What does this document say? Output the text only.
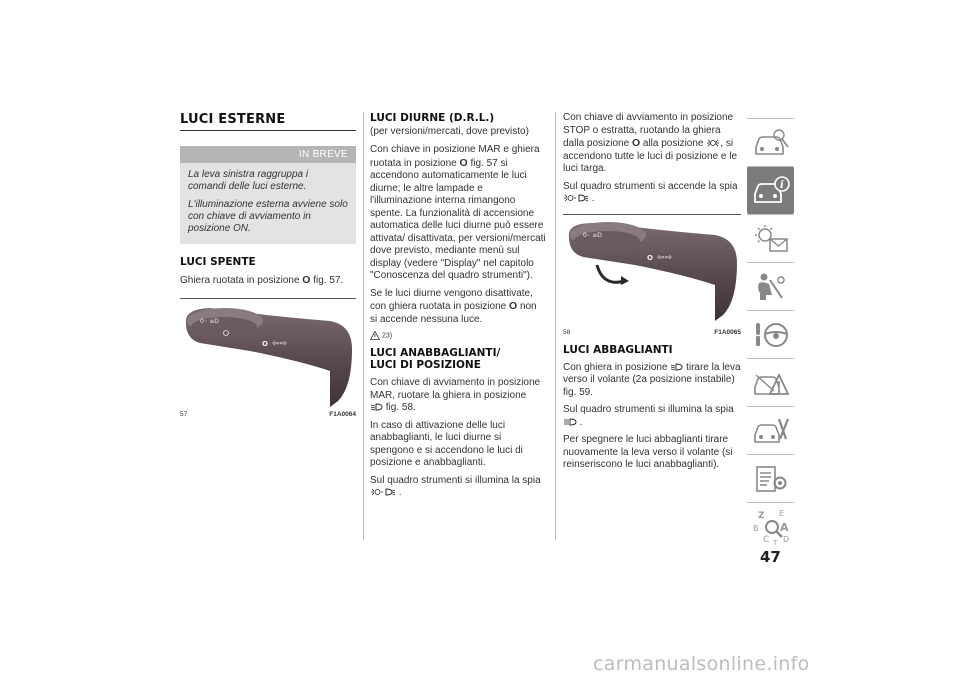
LUCI ESTERNE
IN BREVE

La leva sinistra raggruppa i comandi delle luci esterne.

L'illuminazione esterna avviene solo con chiave di avviamento in posizione ON.

LUCI SPENTE

Ghiera ruotata in posizione O fig. 57.

0◦ ≡D
O ⇦⇨
57	F1A0064
LUCI DIURNE (D.R.L.)
(per versioni/mercati, dove previsto)

Con chiave in posizione MAR e ghiera ruotata in posizione O fig. 57 si accendono automaticamente le luci diurne; le altre lampade e l'illuminazione interna rimangono spente. La funzionalità di accensione automatica delle luci diurne può essere attivata/ disattivata, per versioni/mercati dove previsto, mediante menù sul display (vedere "Display" nel capitolo "Conoscenza del quadro strumenti").

Se le luci diurne vengono disattivate, con ghiera ruotata in posizione O non si accende nessuna luce.

23)
LUCI ANABBAGLIANTI/
LUCI DI POSIZIONE

Con chiave di avviamento in posizione MAR, ruotare la ghiera in posizione
fig. 58.

In caso di attivazione delle luci anabbaglianti, le luci diurne si spengono e si accendono le luci di posizione e anabbaglianti.

Sul quadro strumenti si illumina la spia
.

Con chiave di avviamento in posizione STOP o estratta, ruotando la ghiera dalla posizione O alla posizione , si accendono tutte le luci di posizione e le luci targa.

Sul quadro strumenti si accende la spia
.

0◦ ≡D
O ⇦⇨
58	F1A0065
LUCI ABBAGLIANTI

Con ghiera in posizione tirare la leva verso il volante (2a posizione instabile) fig. 59.

Sul quadro strumenti si illumina la spia
.

Per spegnere le luci abbaglianti tirare nuovamente la leva verso il volante (si reinseriscono le luci anabbaglianti).

i
Z E
B A
C D
T
47
carmanualsonline.info
